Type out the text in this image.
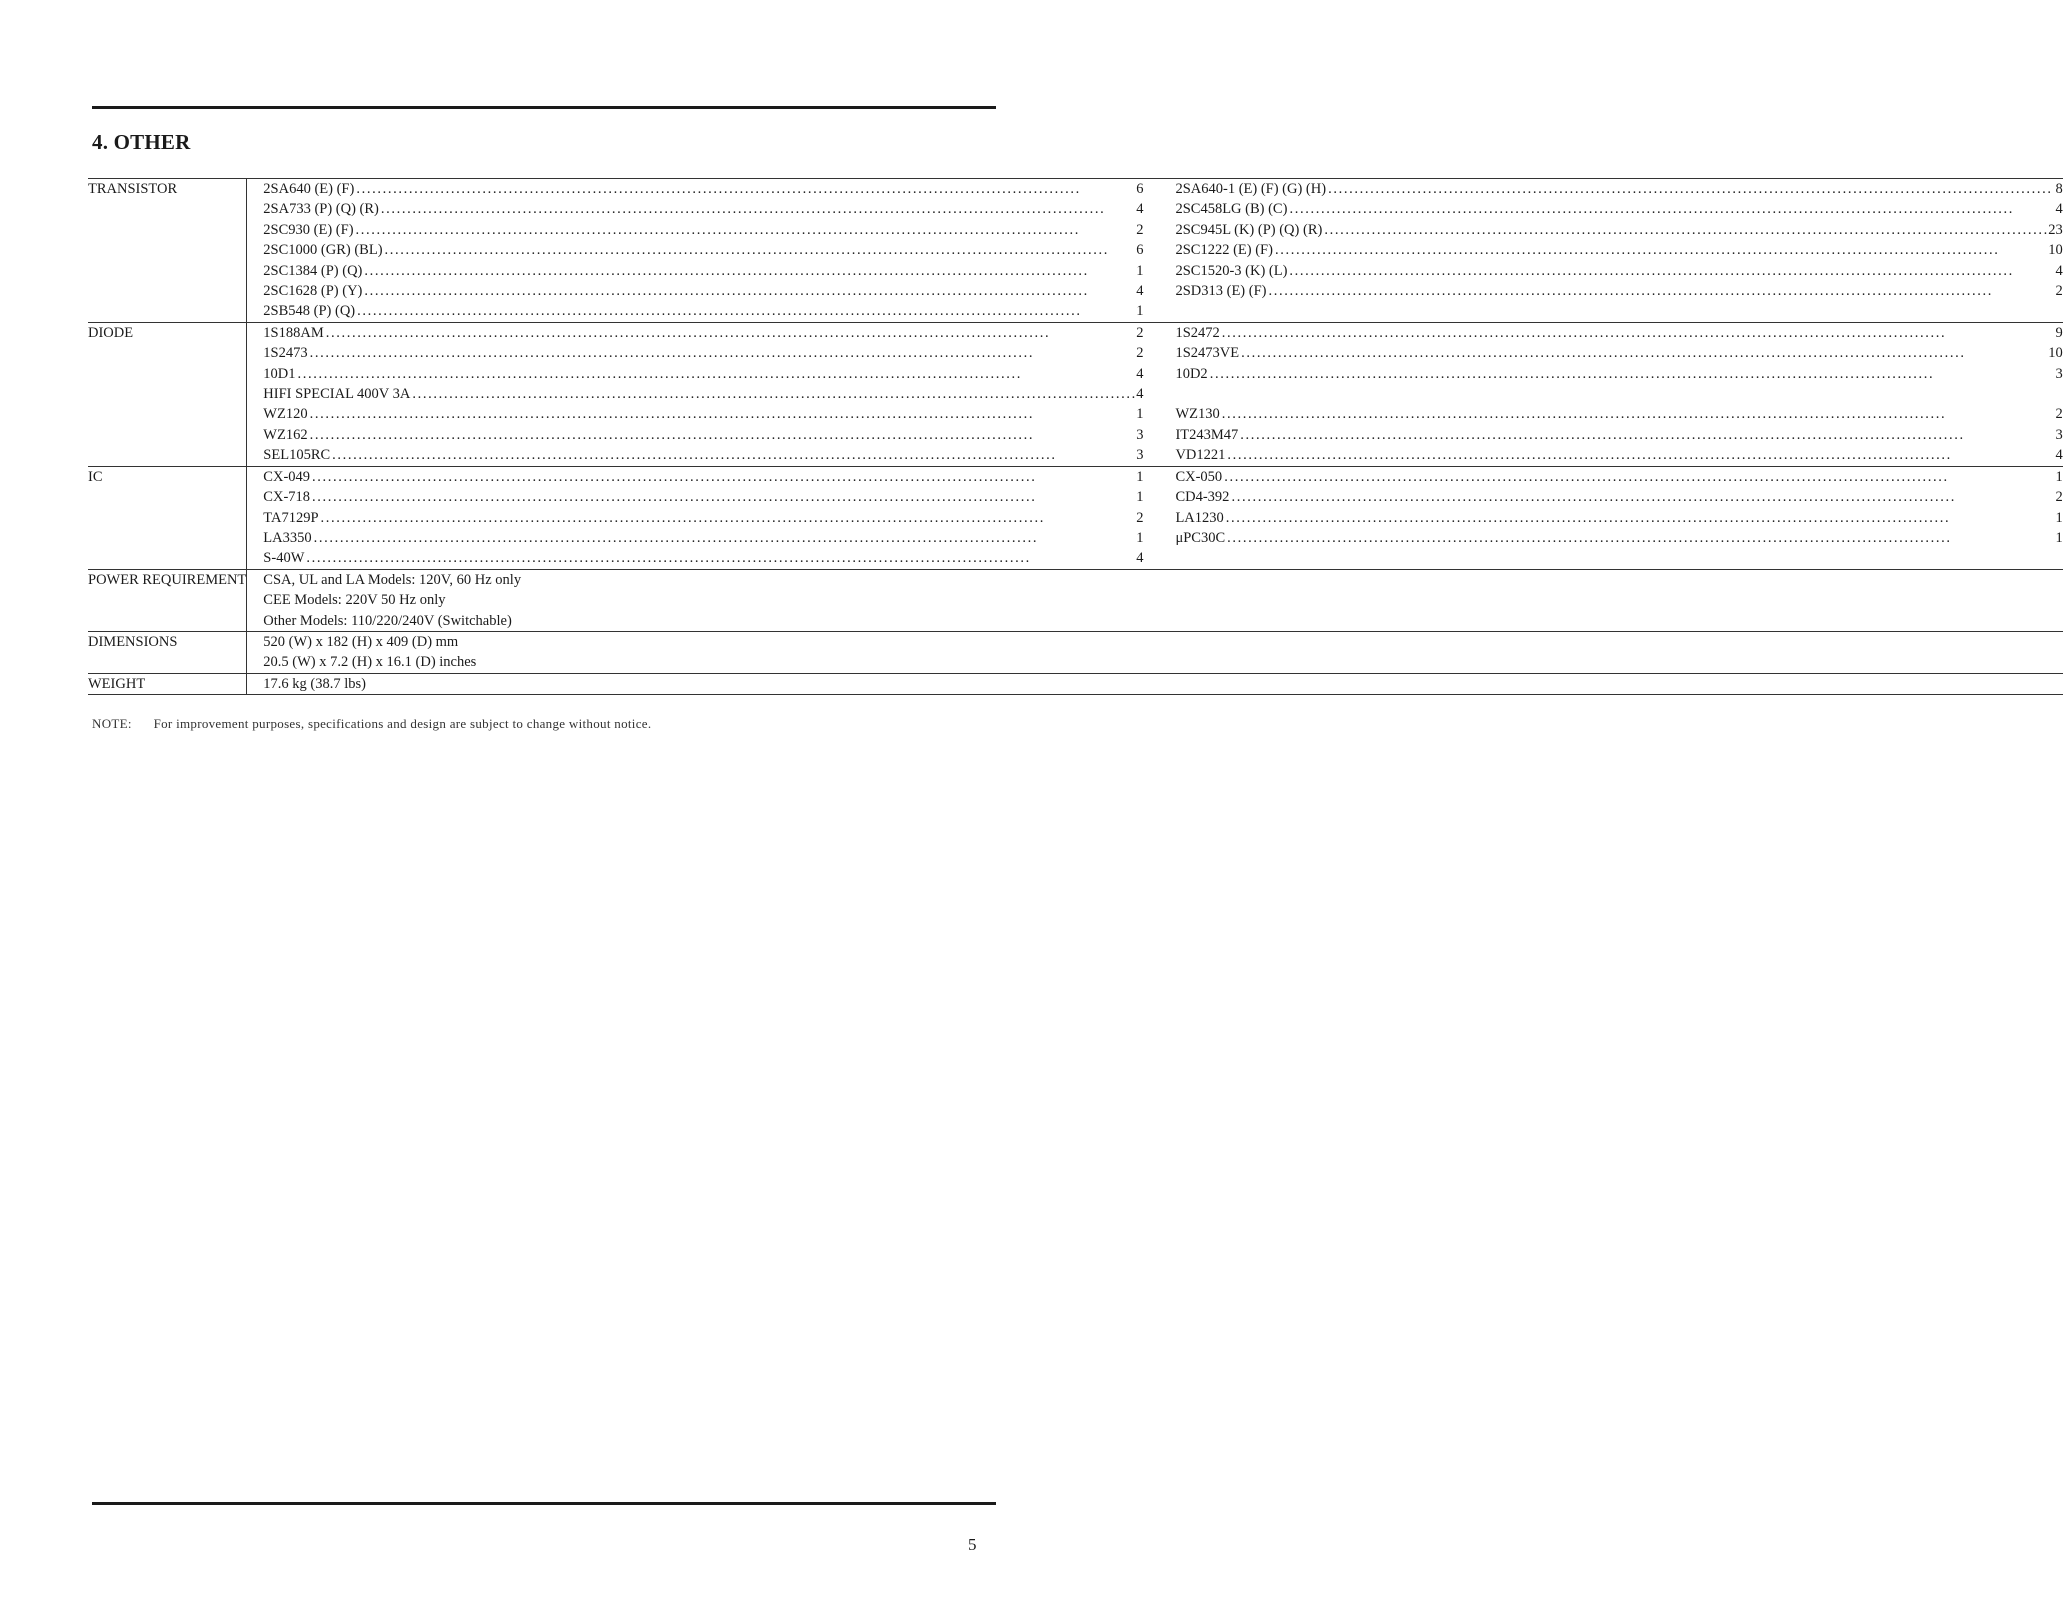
4. OTHER
TRANSISTOR	2SA640 (E) (F) . . . 6	2SA640-1 (E) (F) (G) (H) . . . 8

	2SA733 (P) (Q) (R) . . . 4	2SC458LG (B) (C) . . . 4

	2SC930 (E) (F) . . . 2	2SC945L (K) (P) (Q) (R) . . . 23

	2SC1000 (GR) (BL) . . . 6	2SC1222 (E) (F) . . . 10

	2SC1384 (P) (Q) . . . 1	2SC1520-3 (K) (L) . . . 4

	2SC1628 (P) (Y) . . . 4	2SD313 (E) (F) . . . 2

	2SB548 (P) (Q) . . . 1

DIODE	1S188AM . . . 2	1S2472 . . . 9

	1S2473 . . . 2	1S2473VE . . . 10

	10D1 . . . 4	10D2 . . . 3

	HIFI SPECIAL 400V 3A . . . 4

	WZ120 . . . 1	WZ130 . . . 2

	WZ162 . . . 3	IT243M47 . . . 3

	SEL105RC . . . 3	VD1221 . . . 4

IC	CX-049 . . . 1	CX-050 . . . 1

	CX-718 . . . 1	CD4-392 . . . 2

	TA7129P . . . 2	LA1230 . . . 1

	LA3350 . . . 1	μPC30C . . . 1

	S-40W . . . 4

POWER REQUIREMENT	CSA, UL and LA Models: 120V, 60 Hz only	
	CEE Models: 220V 50 Hz only	
	Other Models: 110/220/240V (Switchable)	
DIMENSIONS	520 (W) x 182 (H) x 409 (D) mm	
	20.5 (W) x 7.2 (H) x 16.1 (D) inches	
WEIGHT	17.6 kg (38.7 lbs)	
NOTE: For improvement purposes, specifications and design are subject to change without notice.
5
